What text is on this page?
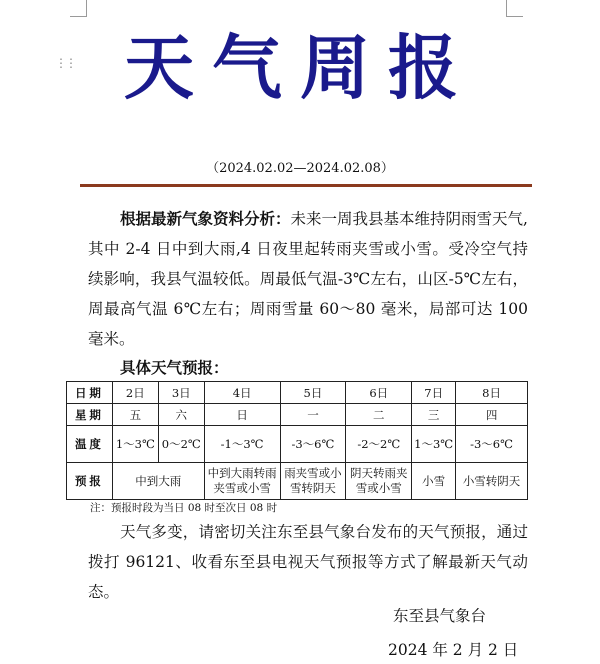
⋮⋮ 天气周报
（2024.02.02—2024.02.08）
根据最新气象资料分析：未来一周我县基本维持阴雨雪天气,其中 2-4 日中到大雨,4 日夜里起转雨夹雪或小雪。受冷空气持续影响，我县气温较低。周最低气温-3℃左右，山区-5℃左右，周最高气温 6℃左右；周雨雪量 60～80 毫米，局部可达 100 毫米。
具体天气预报：
日期	2日	3日	4日	5日	6日	7日	8日
星期	五	六	日	一	二	三	四
温度	1～3℃	0～2℃	-1～3℃	-3～6℃	-2～2℃	1～3℃	-3～6℃
预报	中到大雨		中到大雨转雨夹雪或小雪	雨夹雪或小雪转阴天	阴天转雨夹雪或小雪	小雪	小雪转阴天
注：预报时段为当日 08 时至次日 08 时
天气多变，请密切关注东至县气象台发布的天气预报，通过拨打 96121、收看东至县电视天气预报等方式了解最新天气动态。
东至县气象台
2024 年 2 月 2 日
